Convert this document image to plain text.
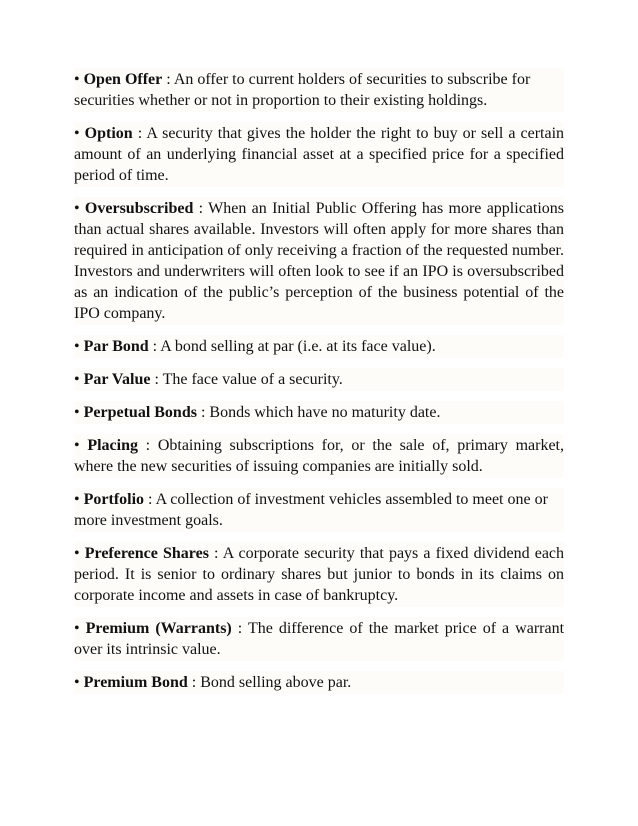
• Open Offer : An offer to current holders of securities to subscribe for securities whether or not in proportion to their existing holdings.

• Option : A security that gives the holder the right to buy or sell a certain amount of an underlying financial asset at a specified price for a specified period of time.

• Oversubscribed : When an Initial Public Offering has more applications than actual shares available. Investors will often apply for more shares than required in anticipation of only receiving a fraction of the requested number. Investors and underwriters will often look to see if an IPO is oversubscribed as an indication of the public’s perception of the business potential of the IPO company.

• Par Bond : A bond selling at par (i.e. at its face value).

• Par Value : The face value of a security.

• Perpetual Bonds : Bonds which have no maturity date.

• Placing : Obtaining subscriptions for, or the sale of, primary market, where the new securities of issuing companies are initially sold.

• Portfolio : A collection of investment vehicles assembled to meet one or more investment goals.

• Preference Shares : A corporate security that pays a fixed dividend each period. It is senior to ordinary shares but junior to bonds in its claims on corporate income and assets in case of bankruptcy.

• Premium (Warrants) : The difference of the market price of a warrant over its intrinsic value.

• Premium Bond : Bond selling above par.
